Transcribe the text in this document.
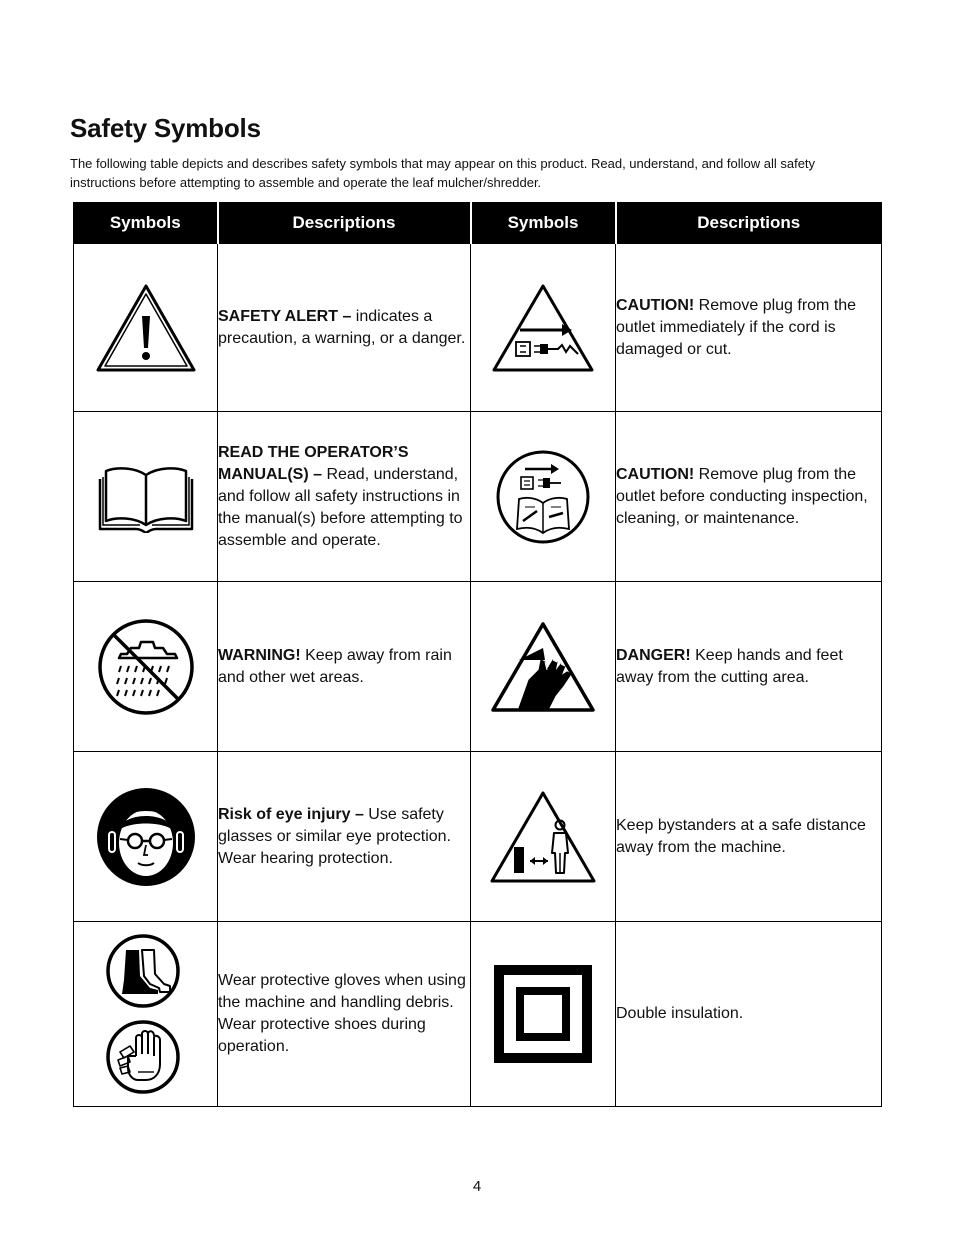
Safety Symbols

The following table depicts and describes safety symbols that may appear on this product. Read, understand, and follow all safety instructions before attempting to assemble and operate the leaf mulcher/shredder.

Symbols	Descriptions	Symbols	Descriptions

	SAFETY ALERT – indicates a precaution, a warning, or a danger.		CAUTION! Remove plug from the outlet immediately if the cord is damaged or cut.

	READ THE OPERATOR’S MANUAL(S) – Read, understand, and follow all safety instructions in the manual(s) before attempting to assemble and operate.		CAUTION! Remove plug from the outlet before conducting inspection, cleaning, or maintenance.

	WARNING! Keep away from rain and other wet areas.		DANGER! Keep hands and feet away from the cutting area.

	Risk of eye injury – Use safety glasses or similar eye protection. Wear hearing protection.		Keep bystanders at a safe distance away from the machine.

	Wear protective gloves when using the machine and handling debris. Wear protective shoes during operation.		Double insulation.
4
